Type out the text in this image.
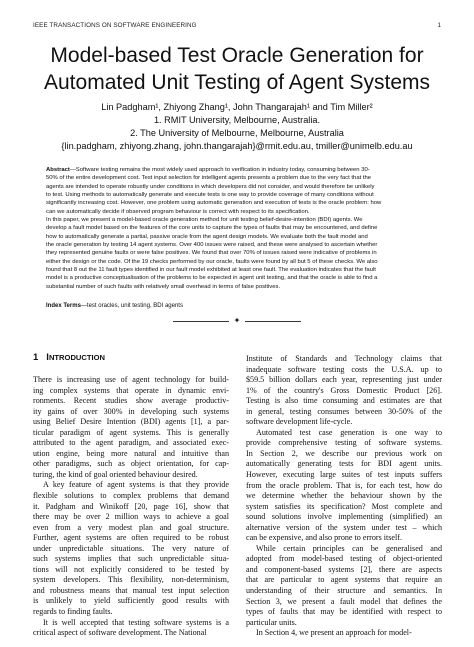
IEEE TRANSACTIONS ON SOFTWARE ENGINEERING	1
Model-based Test Oracle Generation for
Automated Unit Testing of Agent Systems
Lin Padgham¹, Zhiyong Zhang¹, John Thangarajah¹ and Tim Miller²
1. RMIT University, Melbourne, Australia.
2. The University of Melbourne, Melbourne, Australia
{lin.padgham, zhiyong.zhang, john.thangarajah}@rmit.edu.au, tmiller@unimelb.edu.au
Abstract—Software testing remains the most widely used approach to verification in industry today, consuming between 30-
50% of the entire development cost. Test input selection for intelligent agents presents a problem due to the very fact that the
agents are intended to operate robustly under conditions in which developers did not consider, and would therefore be unlikely
to test. Using methods to automatically generate and execute tests is one way to provide coverage of many conditions without
significantly increasing cost. However, one problem using automatic generation and execution of tests is the oracle problem: how
can we automatically decide if observed program behaviour is correct with respect to its specification.
In this paper, we present a model-based oracle generation method for unit testing belief-desire-intention (BDI) agents. We
develop a fault model based on the features of the core units to capture the types of faults that may be encountered, and define
how to automatically generate a partial, passive oracle from the agent design models. We evaluate both the fault model and
the oracle generation by testing 14 agent systems. Over 400 issues were raised, and these were analysed to ascertain whether
they represented genuine faults or were false positives. We found that over 70% of issues raised were indicative of problems in
either the design or the code. Of the 19 checks performed by our oracle, faults were found by all but 5 of these checks. We also
found that 8 out the 11 fault types identified in our fault model exhibited at least one fault. The evaluation indicates that the fault
model is a productive conceptualisation of the problems to be expected in agent unit testing, and that the oracle is able to find a
substantial number of such faults with relatively small overhead in terms of false positives.
Index Terms—test oracles, unit testing, BDI agents
✦
1 INTRODUCTION
There is increasing use of agent technology for build-
ing complex systems that operate in dynamic envi-
ronments. Recent studies show average productiv-
ity gains of over 300% in developing such systems
using Belief Desire Intention (BDI) agents [1], a par-
ticular paradigm of agent systems. This is generally
attributed to the agent paradigm, and associated exec-
ution engine, being more natural and intuitive than
other paradigms, such as object orientation, for cap-
turing, the kind of goal oriented behaviour desired.
A key feature of agent systems is that they provide
flexible solutions to complex problems that demand
it. Padgham and Winikoff [20, page 16], show that
there may be over 2 million ways to achieve a goal
even from a very modest plan and goal structure.
Further, agent systems are often required to be robust
under unpredictable situations. The very nature of
such systems implies that such unpredictable situa-
tions will not explicitly considered to be tested by
system developers. This flexibility, non-determinism,
and robustness means that manual test input selection
is unlikely to yield sufficiently good results with
regards to finding faults.
It is well accepted that testing software systems is a
critical aspect of software development. The National
Institute of Standards and Technology claims that
inadequate software testing costs the U.S.A. up to
$59.5 billion dollars each year, representing just under
1% of the country's Gross Domestic Product [26].
Testing is also time consuming and estimates are that
in general, testing consumes between 30-50% of the
software development life-cycle.
Automated test case generation is one way to
provide comprehensive testing of software systems.
In Section 2, we describe our previous work on
automatically generating tests for BDI agent units.
However, executing large suites of test inputs suffers
from the oracle problem. That is, for each test, how do
we determine whether the behaviour shown by the
system satisfies its specification? Most complete and
sound solutions involve implementing (simplified) an
alternative version of the system under test – which
can be expensive, and also prone to errors itself.
While certain principles can be generalised and
adopted from model-based testing of object-oriented
and component-based systems [2], there are aspects
that are particular to agent systems that require an
understanding of their structure and semantics. In
Section 3, we present a fault model that defines the
types of faults that may be identified with respect to
particular units.
In Section 4, we present an approach for model-
